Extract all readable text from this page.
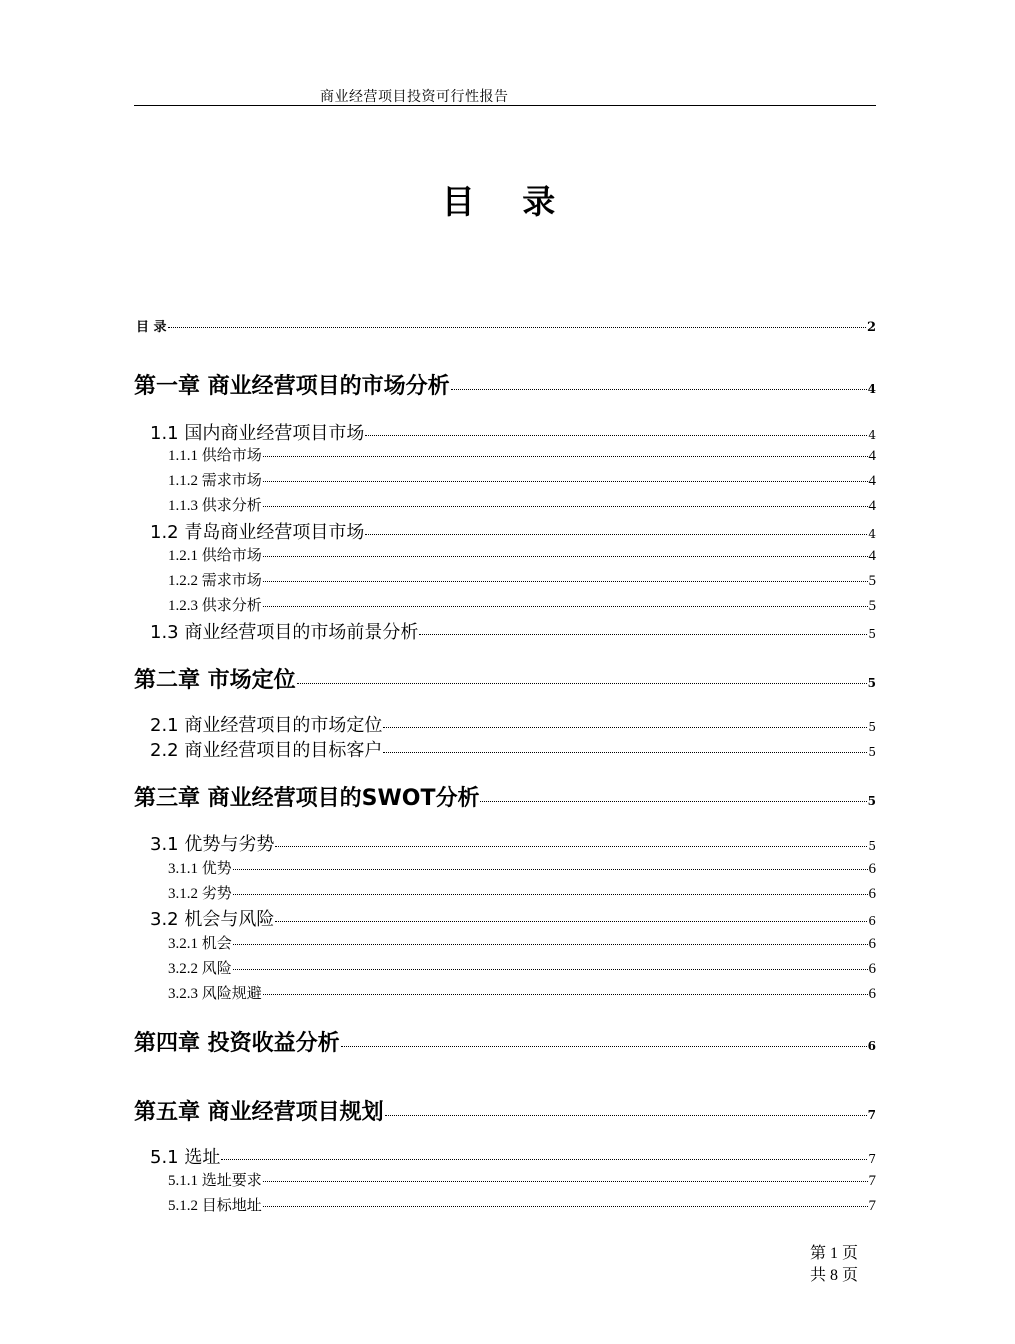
商业经营项目投资可行性报告
目 录
目 录	2
第一章 商业经营项目的市场分析	4
1.1 国内商业经营项目市场	4
1.1.1 供给市场	4
1.1.2 需求市场	4
1.1.3 供求分析	4
1.2 青岛商业经营项目市场	4
1.2.1 供给市场	4
1.2.2 需求市场	5
1.2.3 供求分析	5
1.3 商业经营项目的市场前景分析	5
第二章 市场定位	5
2.1 商业经营项目的市场定位	5
2.2 商业经营项目的目标客户	5
第三章 商业经营项目的SWOT分析	5
3.1 优势与劣势	5
3.1.1 优势	6
3.1.2 劣势	6
3.2 机会与风险	6
3.2.1 机会	6
3.2.2 风险	6
3.2.3 风险规避	6
第四章 投资收益分析	6
第五章 商业经营项目规划	7
5.1 选址	7
5.1.1 选址要求	7
5.1.2 目标地址	7
第 1 页
共 8 页
